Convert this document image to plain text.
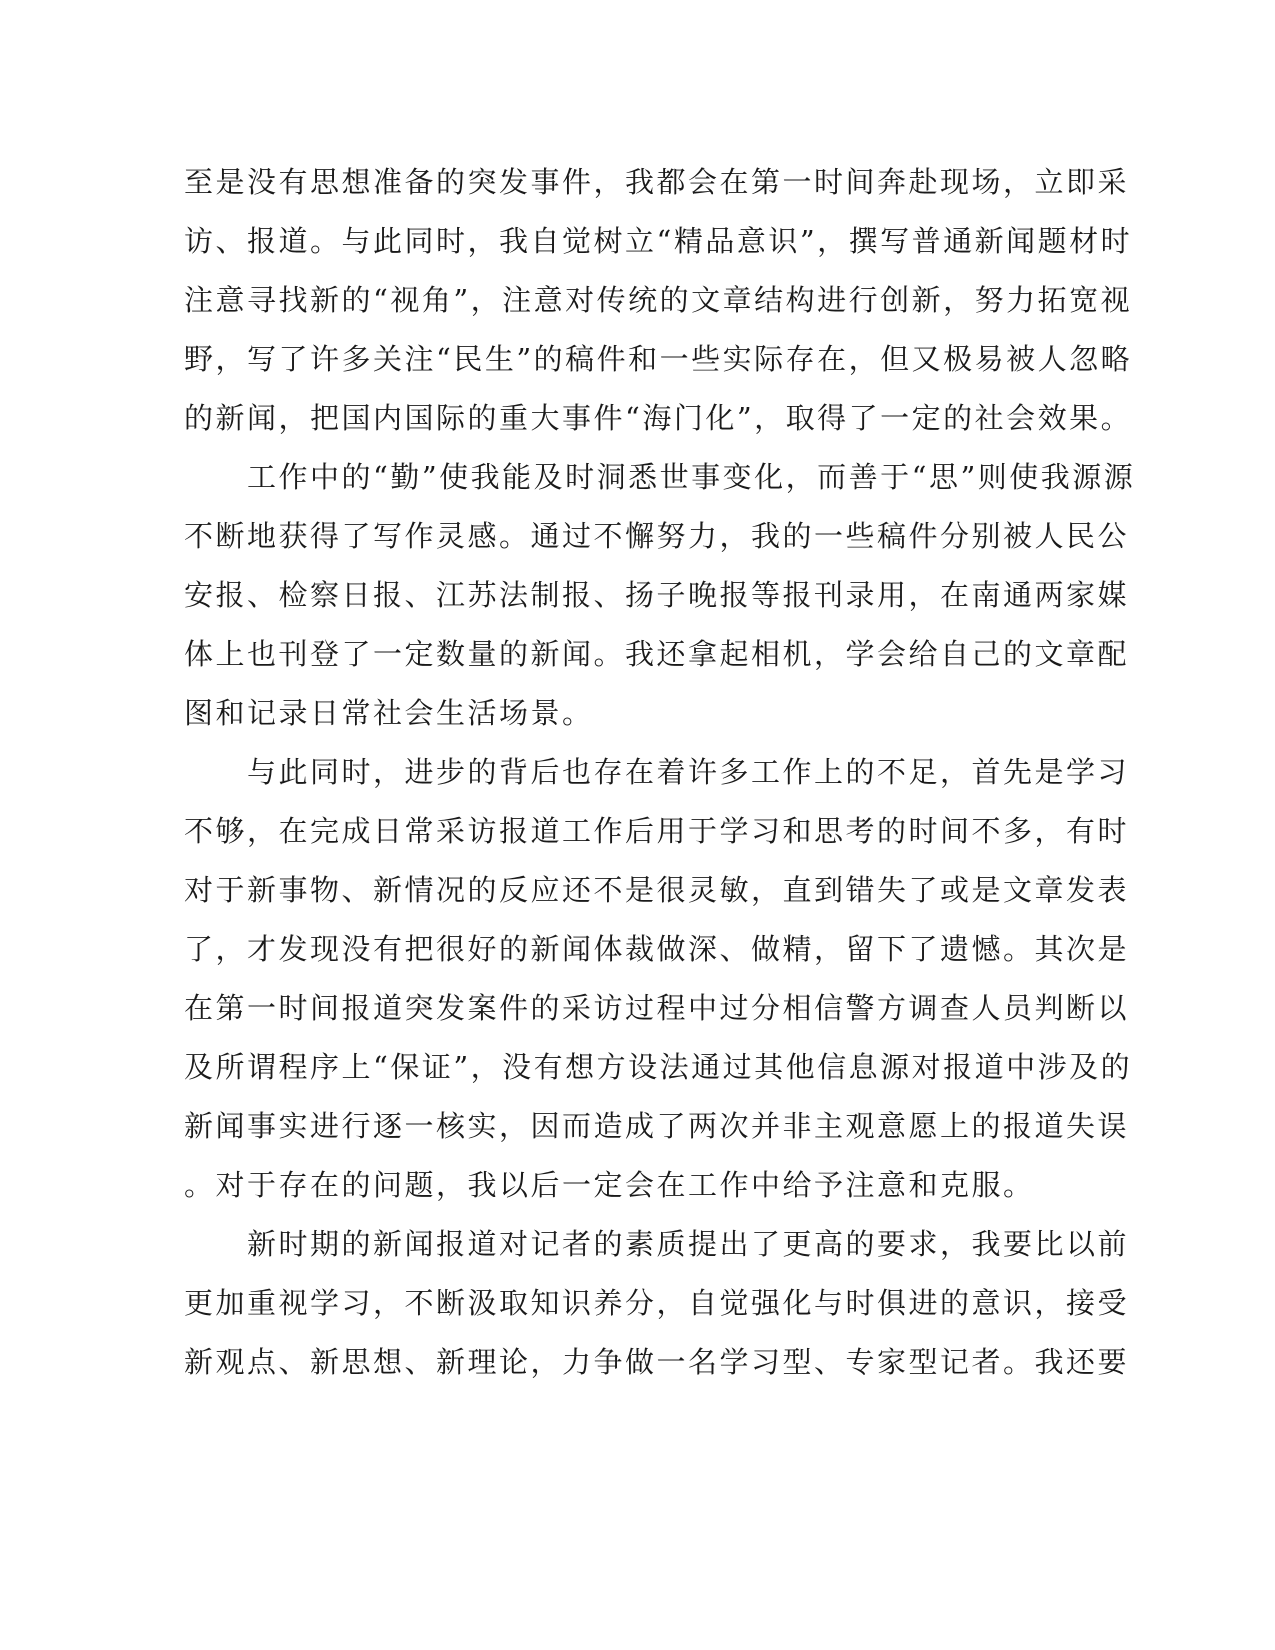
至是没有思想准备的突发事件，我都会在第一时间奔赴现场，立即采
访、报道。与此同时，我自觉树立“精品意识”，撰写普通新闻题材时
注意寻找新的“视角”，注意对传统的文章结构进行创新，努力拓宽视
野，写了许多关注“民生”的稿件和一些实际存在，但又极易被人忽略
的新闻，把国内国际的重大事件“海门化”，取得了一定的社会效果。
　　工作中的“勤”使我能及时洞悉世事变化，而善于“思”则使我源源
不断地获得了写作灵感。通过不懈努力，我的一些稿件分别被人民公
安报、检察日报、江苏法制报、扬子晚报等报刊录用，在南通两家媒
体上也刊登了一定数量的新闻。我还拿起相机，学会给自己的文章配
图和记录日常社会生活场景。
　　与此同时，进步的背后也存在着许多工作上的不足，首先是学习
不够，在完成日常采访报道工作后用于学习和思考的时间不多，有时
对于新事物、新情况的反应还不是很灵敏，直到错失了或是文章发表
了，才发现没有把很好的新闻体裁做深、做精，留下了遗憾。其次是
在第一时间报道突发案件的采访过程中过分相信警方调查人员判断以
及所谓程序上“保证”，没有想方设法通过其他信息源对报道中涉及的
新闻事实进行逐一核实，因而造成了两次并非主观意愿上的报道失误
。对于存在的问题，我以后一定会在工作中给予注意和克服。
　　新时期的新闻报道对记者的素质提出了更高的要求，我要比以前
更加重视学习，不断汲取知识养分，自觉强化与时俱进的意识，接受
新观点、新思想、新理论，力争做一名学习型、专家型记者。我还要
